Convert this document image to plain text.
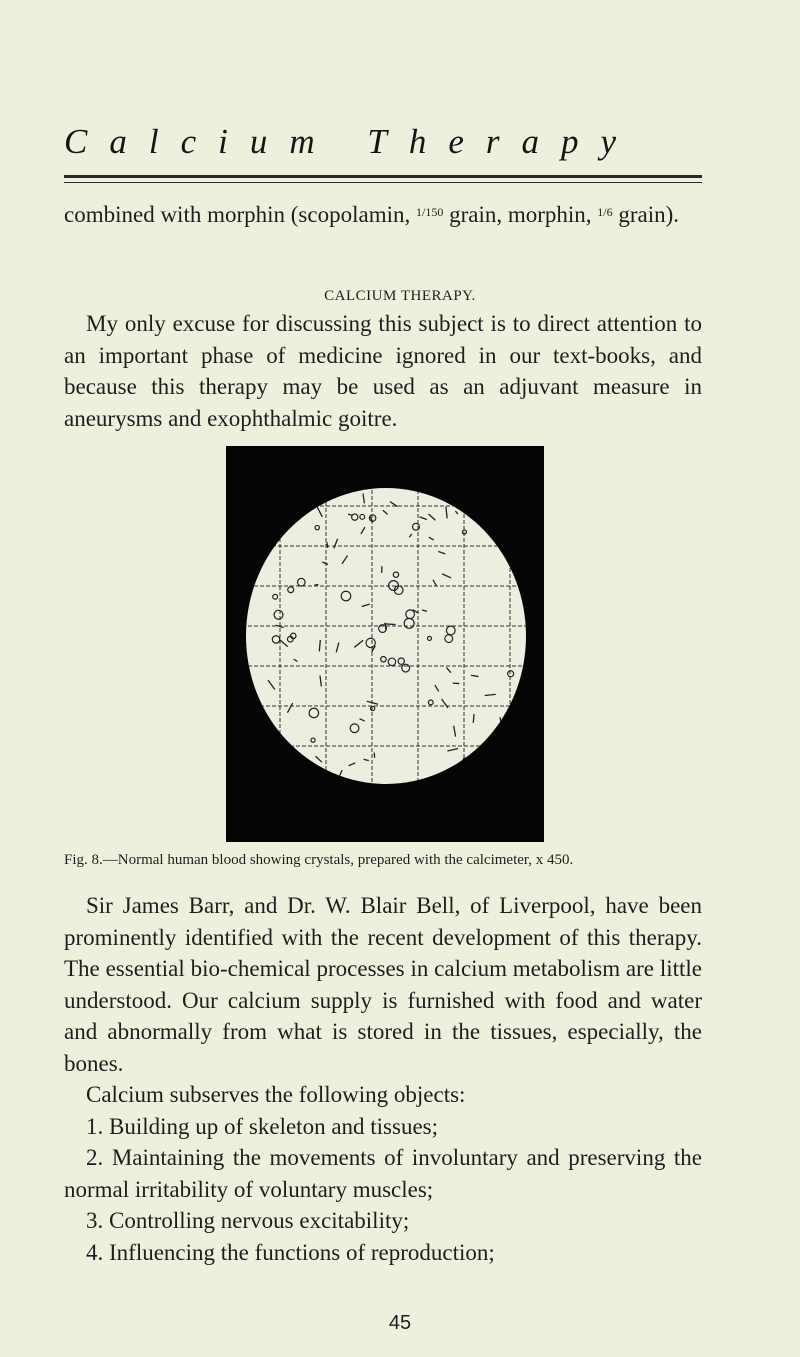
Calcium Therapy
combined with morphin (scopolamin, $^{1/150}$ grain, morphin, $^{1/6}$ grain).
CALCIUM THERAPY.
My only excuse for discussing this subject is to direct attention to an important phase of medicine ignored in our text-books, and because this therapy may be used as an adjuvant measure in aneurysms and exophthalmic goitre.
Fig. 8.—Normal human blood showing crystals, prepared with the calcimeter, x 450.

Sir James Barr, and Dr. W. Blair Bell, of Liverpool, have been prominently identified with the recent development of this therapy. The essential bio-chemical processes in calcium metabolism are little understood. Our calcium supply is furnished with food and water and abnormally from what is stored in the tissues, especially, the bones.

Calcium subserves the following objects:

1. Building up of skeleton and tissues;

2. Maintaining the movements of involuntary and preserving the normal irritability of voluntary muscles;

3. Controlling nervous excitability;

4. Influencing the functions of reproduction;

45
